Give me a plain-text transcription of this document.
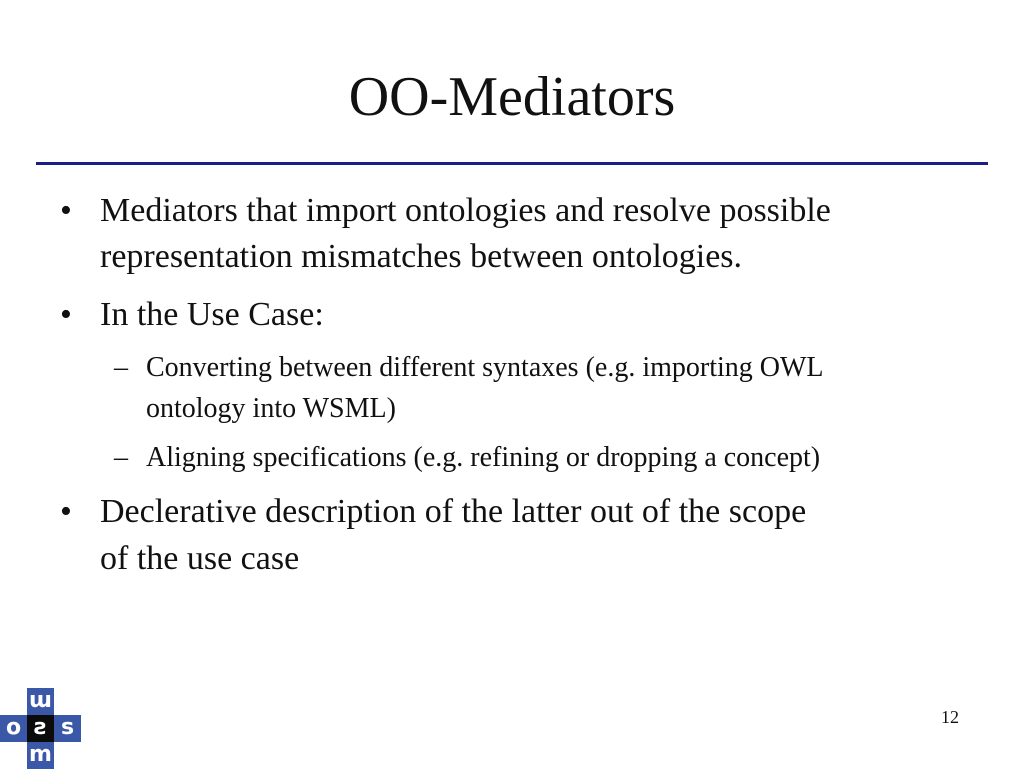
OO-Mediators
• Mediators that import ontologies and resolve possible
representation mismatches between ontologies.
• In the Use Case:
– Converting between different syntaxes (e.g. importing OWL
ontology into WSML)
– Aligning specifications (e.g. refining or dropping a concept)
• Declerative description of the latter out of the scope
of the use case
ɯ
ο ƨ s
m
12
